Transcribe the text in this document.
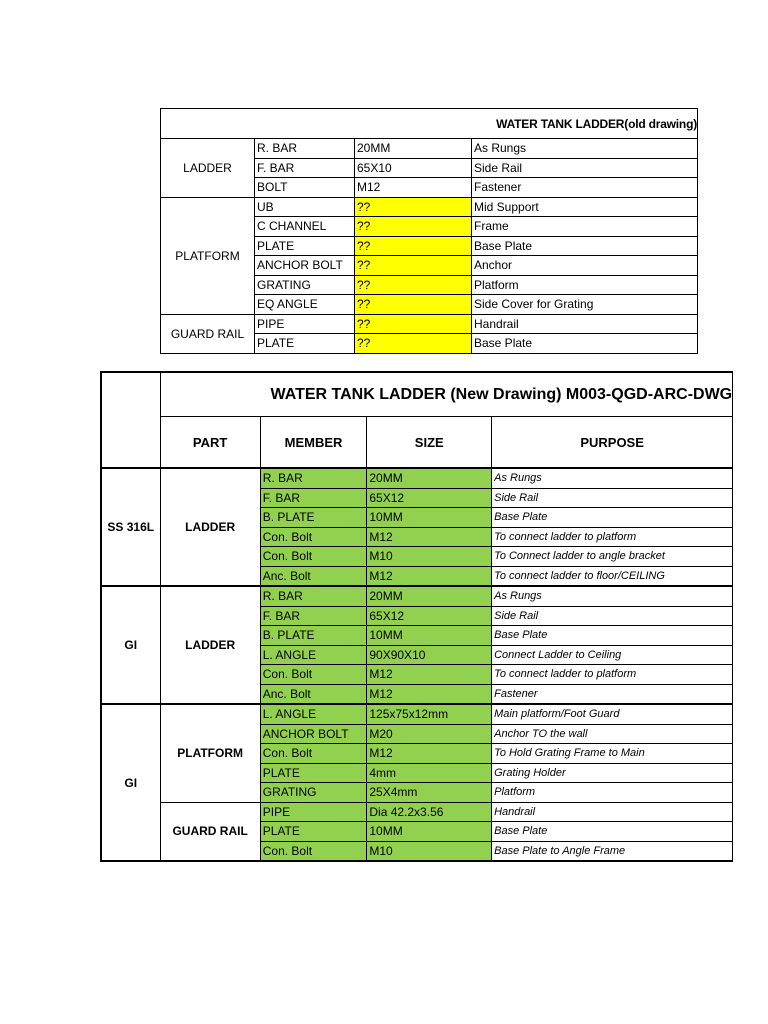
WATER TANK LADDER(old drawing)			
LADDER	R. BAR	20MM	As Rungs
	F. BAR	65X10	Side Rail
	BOLT	M12	Fastener
PLATFORM	UB	??	Mid Support
	C CHANNEL	??	Frame
	PLATE	??	Base Plate
	ANCHOR BOLT	??	Anchor
	GRATING	??	Platform
	EQ ANGLE	??	Side Cover for Grating
GUARD RAIL	PIPE	??	Handrail
	PLATE	??	Base Plate
	WATER TANK LADDER (New Drawing) M003-QGD-ARC-DWG			
	PART	MEMBER	SIZE	PURPOSE
SS 316L	LADDER	R. BAR	20MM	As Rungs
		F. BAR	65X12	Side Rail
		B. PLATE	10MM	Base Plate
		Con. Bolt	M12	To connect ladder to platform
		Con. Bolt	M10	To Connect ladder to angle bracket
		Anc. Bolt	M12	To connect ladder to floor/CEILING
GI	LADDER	R. BAR	20MM	As Rungs
		F. BAR	65X12	Side Rail
		B. PLATE	10MM	Base Plate
		L. ANGLE	90X90X10	Connect Ladder to Ceiling
		Con. Bolt	M12	To connect ladder to platform
		Anc. Bolt	M12	Fastener
GI	PLATFORM	L. ANGLE	125x75x12mm	Main platform/Foot Guard
		ANCHOR BOLT	M20	Anchor TO the wall
		Con. Bolt	M12	To Hold Grating Frame to Main
		PLATE	4mm	Grating Holder
		GRATING	25X4mm	Platform
	GUARD RAIL	PIPE	Dia 42.2x3.56	Handrail
		PLATE	10MM	Base Plate
		Con. Bolt	M10	Base Plate to Angle Frame
